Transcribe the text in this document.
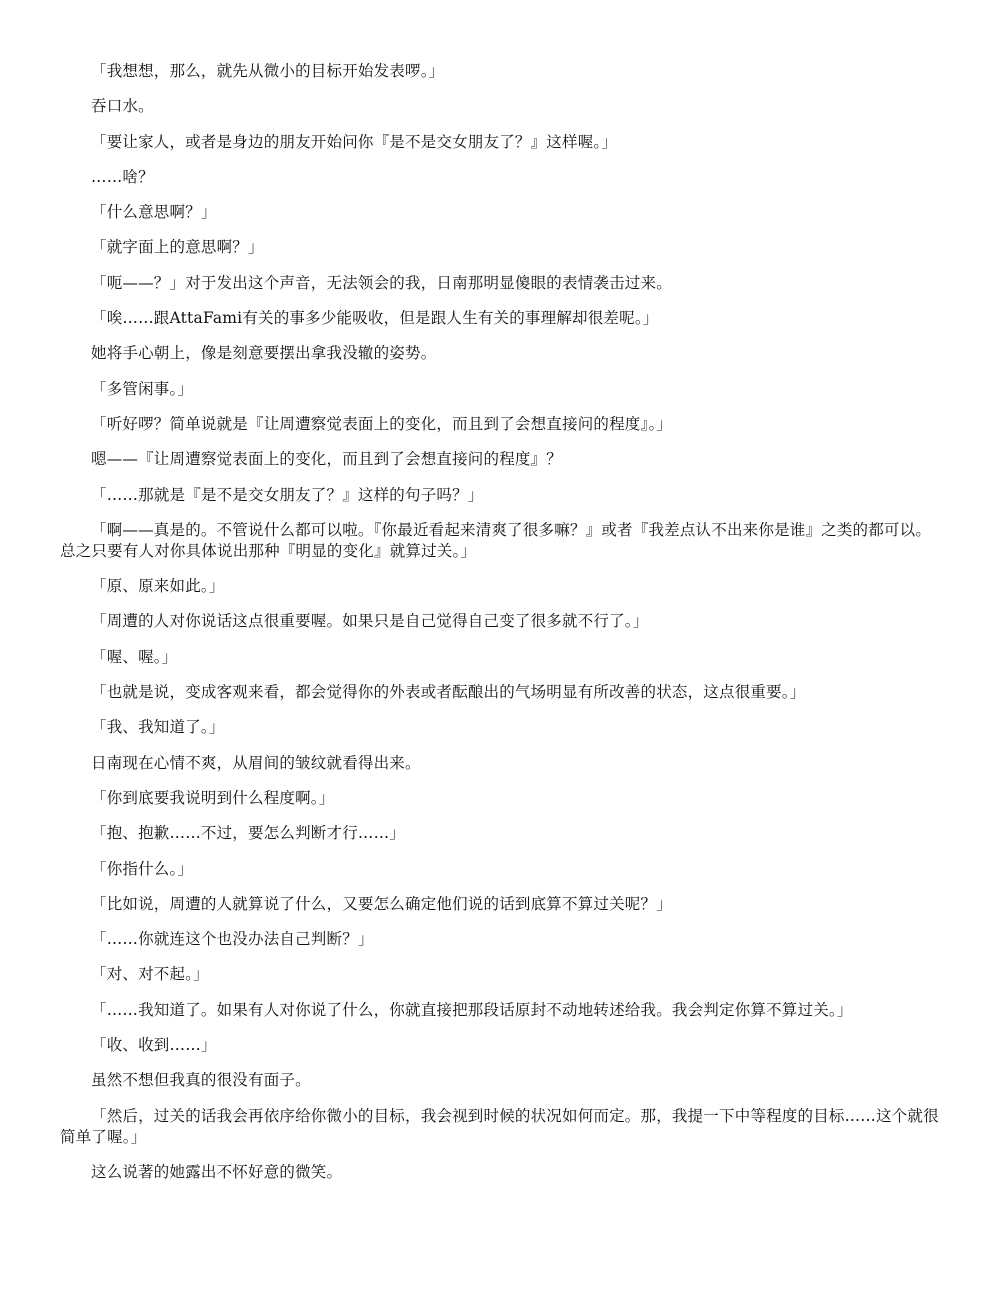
「我想想，那么，就先从微小的目标开始发表啰。」

吞口水。

「要让家人，或者是身边的朋友开始问你『是不是交女朋友了？』这样喔。」

……啥？

「什么意思啊？」

「就字面上的意思啊？」

「呃——？」对于发出这个声音，无法领会的我，日南那明显傻眼的表情袭击过来。

「唉……跟AttaFami有关的事多少能吸收，但是跟人生有关的事理解却很差呢。」

她将手心朝上，像是刻意要摆出拿我没辙的姿势。

「多管闲事。」

「听好啰？简单说就是『让周遭察觉表面上的变化，而且到了会想直接问的程度』。」

嗯——『让周遭察觉表面上的变化，而且到了会想直接问的程度』？

「……那就是『是不是交女朋友了？』这样的句子吗？」

「啊——真是的。不管说什么都可以啦。『你最近看起来清爽了很多嘛？』或者『我差点认不出来你是谁』之类的都可以。总之只要有人对你具体说出那种『明显的变化』就算过关。」

「原、原来如此。」

「周遭的人对你说话这点很重要喔。如果只是自己觉得自己变了很多就不行了。」

「喔、喔。」

「也就是说，变成客观来看，都会觉得你的外表或者酝酿出的气场明显有所改善的状态，这点很重要。」

「我、我知道了。」

日南现在心情不爽，从眉间的皱纹就看得出来。

「你到底要我说明到什么程度啊。」

「抱、抱歉……不过，要怎么判断才行……」

「你指什么。」

「比如说，周遭的人就算说了什么，又要怎么确定他们说的话到底算不算过关呢？」

「……你就连这个也没办法自己判断？」

「对、对不起。」

「……我知道了。如果有人对你说了什么，你就直接把那段话原封不动地转述给我。我会判定你算不算过关。」

「收、收到……」

虽然不想但我真的很没有面子。

「然后，过关的话我会再依序给你微小的目标，我会视到时候的状况如何而定。那，我提一下中等程度的目标……这个就很简单了喔。」

这么说著的她露出不怀好意的微笑。
